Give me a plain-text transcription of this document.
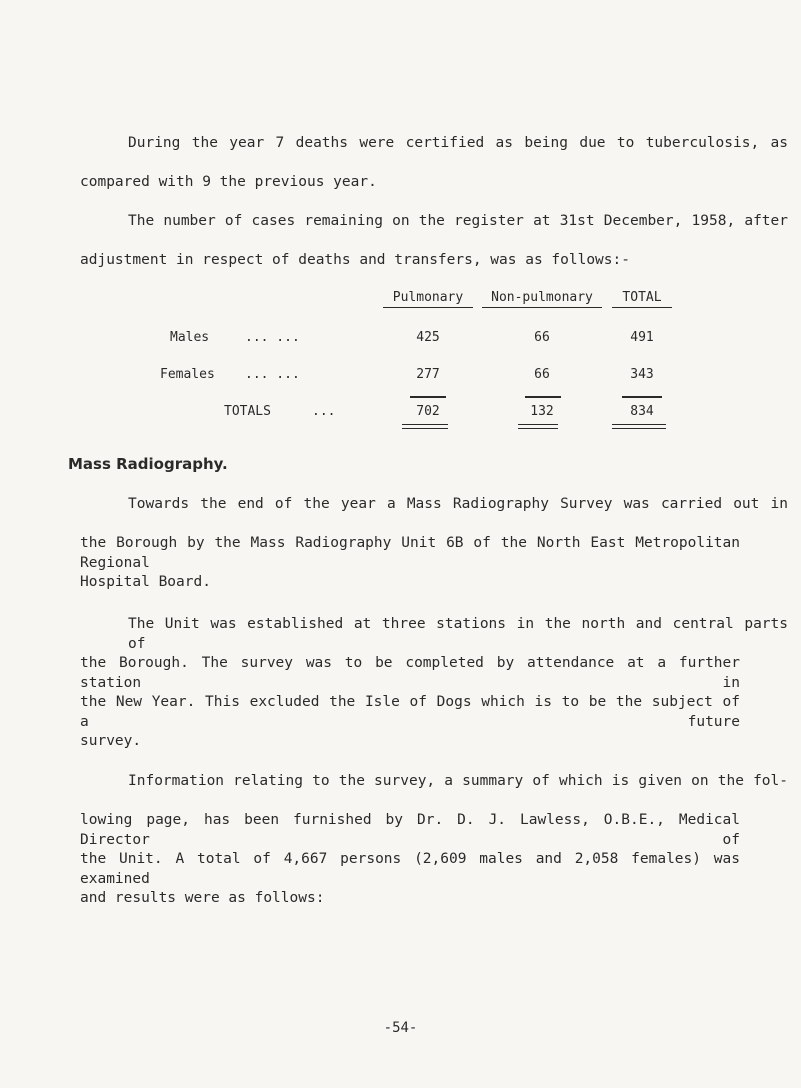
During the year 7 deaths were certified as being due to tuberculosis, as
compared with 9 the previous year.
The number of cases remaining on the register at 31st December, 1958, after
adjustment in respect of deaths and transfers, was as follows:-
Pulmonary	Non-pulmonary	TOTAL
Males	... ...	425	66	491
Females ... ...	277	66	343
TOTALS	...	702	132	834
Mass Radiography.
Towards the end of the year a Mass Radiography Survey was carried out in
the Borough by the Mass Radiography Unit 6B of the North East Metropolitan Regional
Hospital Board.
The Unit was established at three stations in the north and central parts of
the Borough. The survey was to be completed by attendance at a further station in
the New Year. This excluded the Isle of Dogs which is to be the subject of a future
survey.
Information relating to the survey, a summary of which is given on the fol-
lowing page, has been furnished by Dr. D. J. Lawless, O.B.E., Medical Director of
the Unit. A total of 4,667 persons (2,609 males and 2,058 females) was examined
and results were as follows:
-54-
